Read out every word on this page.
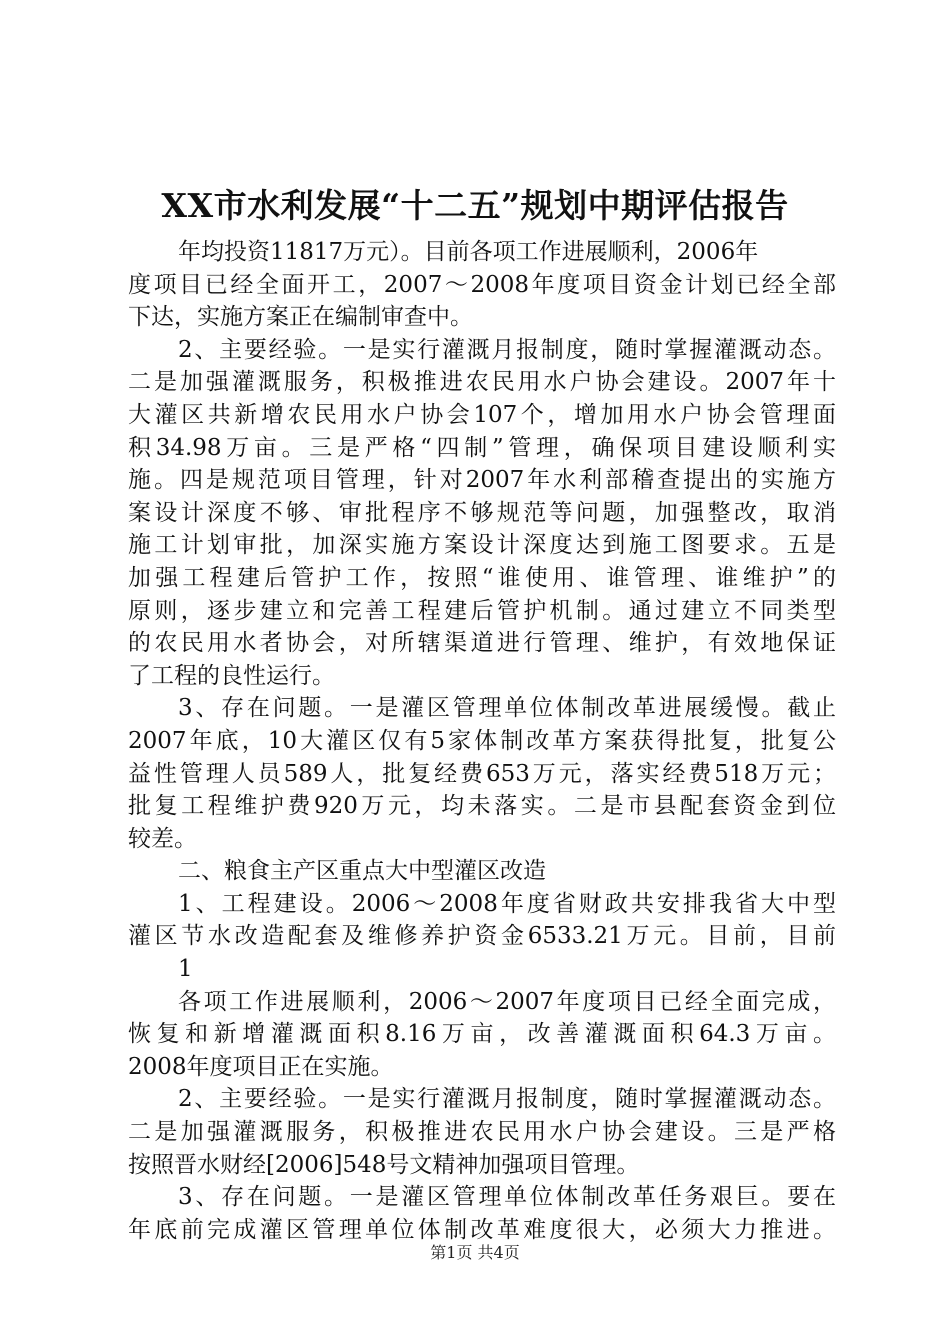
XX市水利发展“十二五”规划中期评估报告
年均投资11817万元）。目前各项工作进展顺利，2006年
度项目已经全面开工，2007～2008年度项目资金计划已经全部
下达，实施方案正在编制审查中。
2、主要经验。一是实行灌溉月报制度，随时掌握灌溉动态。
二是加强灌溉服务，积极推进农民用水户协会建设。2007年十
大灌区共新增农民用水户协会107个，增加用水户协会管理面
积34.98万亩。三是严格“四制”管理，确保项目建设顺利实
施。四是规范项目管理，针对2007年水利部稽查提出的实施方
案设计深度不够、审批程序不够规范等问题，加强整改，取消
施工计划审批，加深实施方案设计深度达到施工图要求。五是
加强工程建后管护工作，按照“谁使用、谁管理、谁维护”的
原则，逐步建立和完善工程建后管护机制。通过建立不同类型
的农民用水者协会，对所辖渠道进行管理、维护，有效地保证
了工程的良性运行。
3、存在问题。一是灌区管理单位体制改革进展缓慢。截止
2007年底，10大灌区仅有5家体制改革方案获得批复，批复公
益性管理人员589人，批复经费653万元，落实经费518万元；
批复工程维护费920万元，均未落实。二是市县配套资金到位
较差。
二、粮食主产区重点大中型灌区改造
1、工程建设。2006～2008年度省财政共安排我省大中型
灌区节水改造配套及维修养护资金6533.21万元。目前，目前
1
各项工作进展顺利，2006～2007年度项目已经全面完成，
恢复和新增灌溉面积8.16万亩，改善灌溉面积64.3万亩。
2008年度项目正在实施。
2、主要经验。一是实行灌溉月报制度，随时掌握灌溉动态。
二是加强灌溉服务，积极推进农民用水户协会建设。三是严格
按照晋水财经[2006]548号文精神加强项目管理。
3、存在问题。一是灌区管理单位体制改革任务艰巨。要在
年底前完成灌区管理单位体制改革难度很大，必须大力推进。
第1页 共4页
